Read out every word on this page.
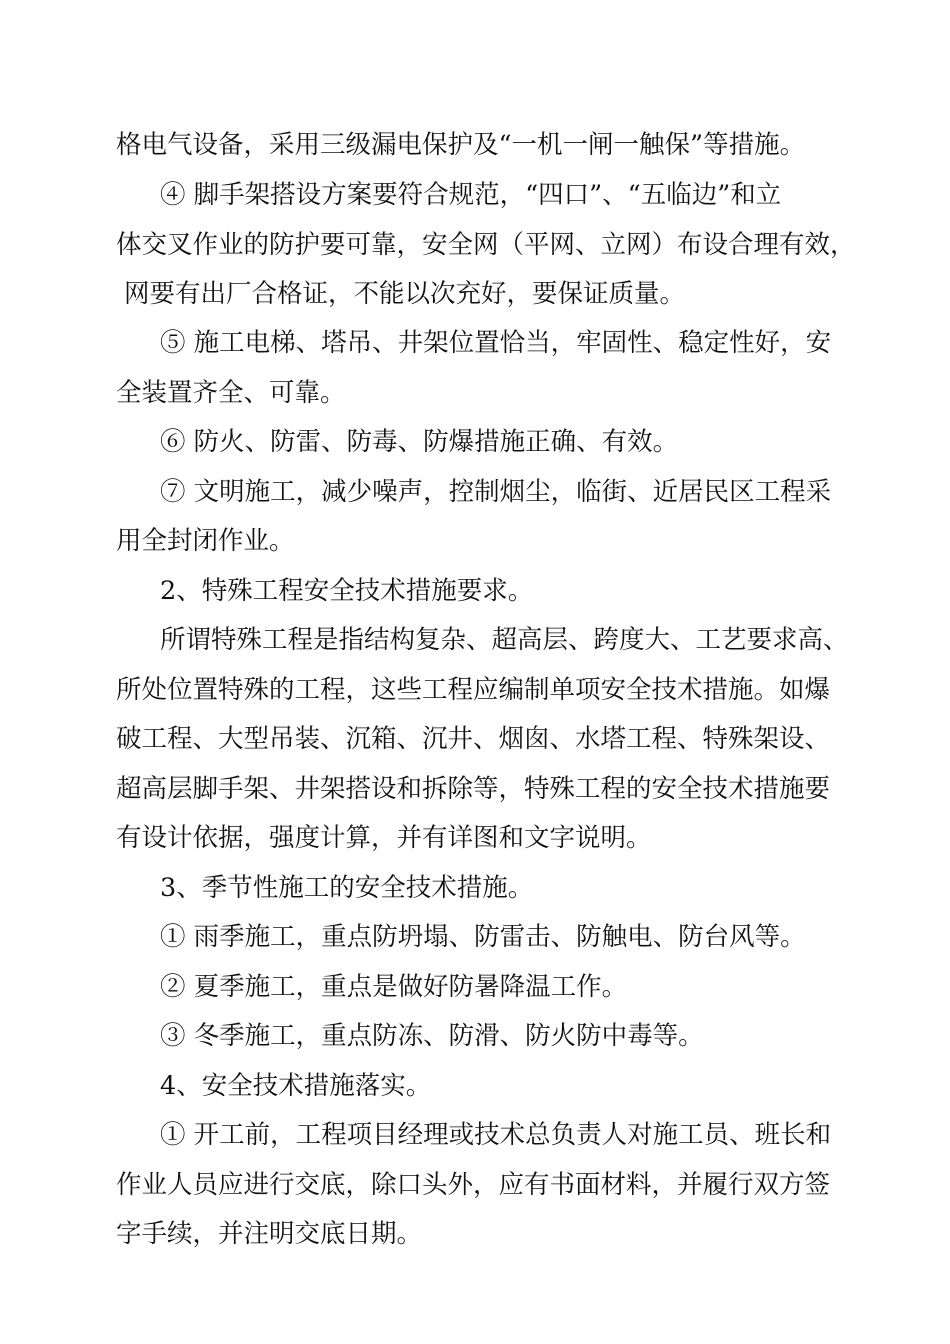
格电气设备，采用三级漏电保护及“一机一闸一触保”等措施。
④ 脚手架搭设方案要符合规范，“四口”、“五临边”和立
体交叉作业的防护要可靠，安全网（平网、立网）布设合理有效，
网要有出厂合格证，不能以次充好，要保证质量。
⑤ 施工电梯、塔吊、井架位置恰当，牢固性、稳定性好，安
全装置齐全、可靠。
⑥ 防火、防雷、防毒、防爆措施正确、有效。
⑦ 文明施工，减少噪声，控制烟尘，临街、近居民区工程采
用全封闭作业。
2、特殊工程安全技术措施要求。
所谓特殊工程是指结构复杂、超高层、跨度大、工艺要求高、
所处位置特殊的工程，这些工程应编制单项安全技术措施。如爆
破工程、大型吊装、沉箱、沉井、烟囱、水塔工程、特殊架设、
超高层脚手架、井架搭设和拆除等，特殊工程的安全技术措施要
有设计依据，强度计算，并有详图和文字说明。
3、季节性施工的安全技术措施。
① 雨季施工，重点防坍塌、防雷击、防触电、防台风等。
② 夏季施工，重点是做好防暑降温工作。
③ 冬季施工，重点防冻、防滑、防火防中毒等。
4、安全技术措施落实。
① 开工前，工程项目经理或技术总负责人对施工员、班长和
作业人员应进行交底，除口头外，应有书面材料，并履行双方签
字手续，并注明交底日期。
